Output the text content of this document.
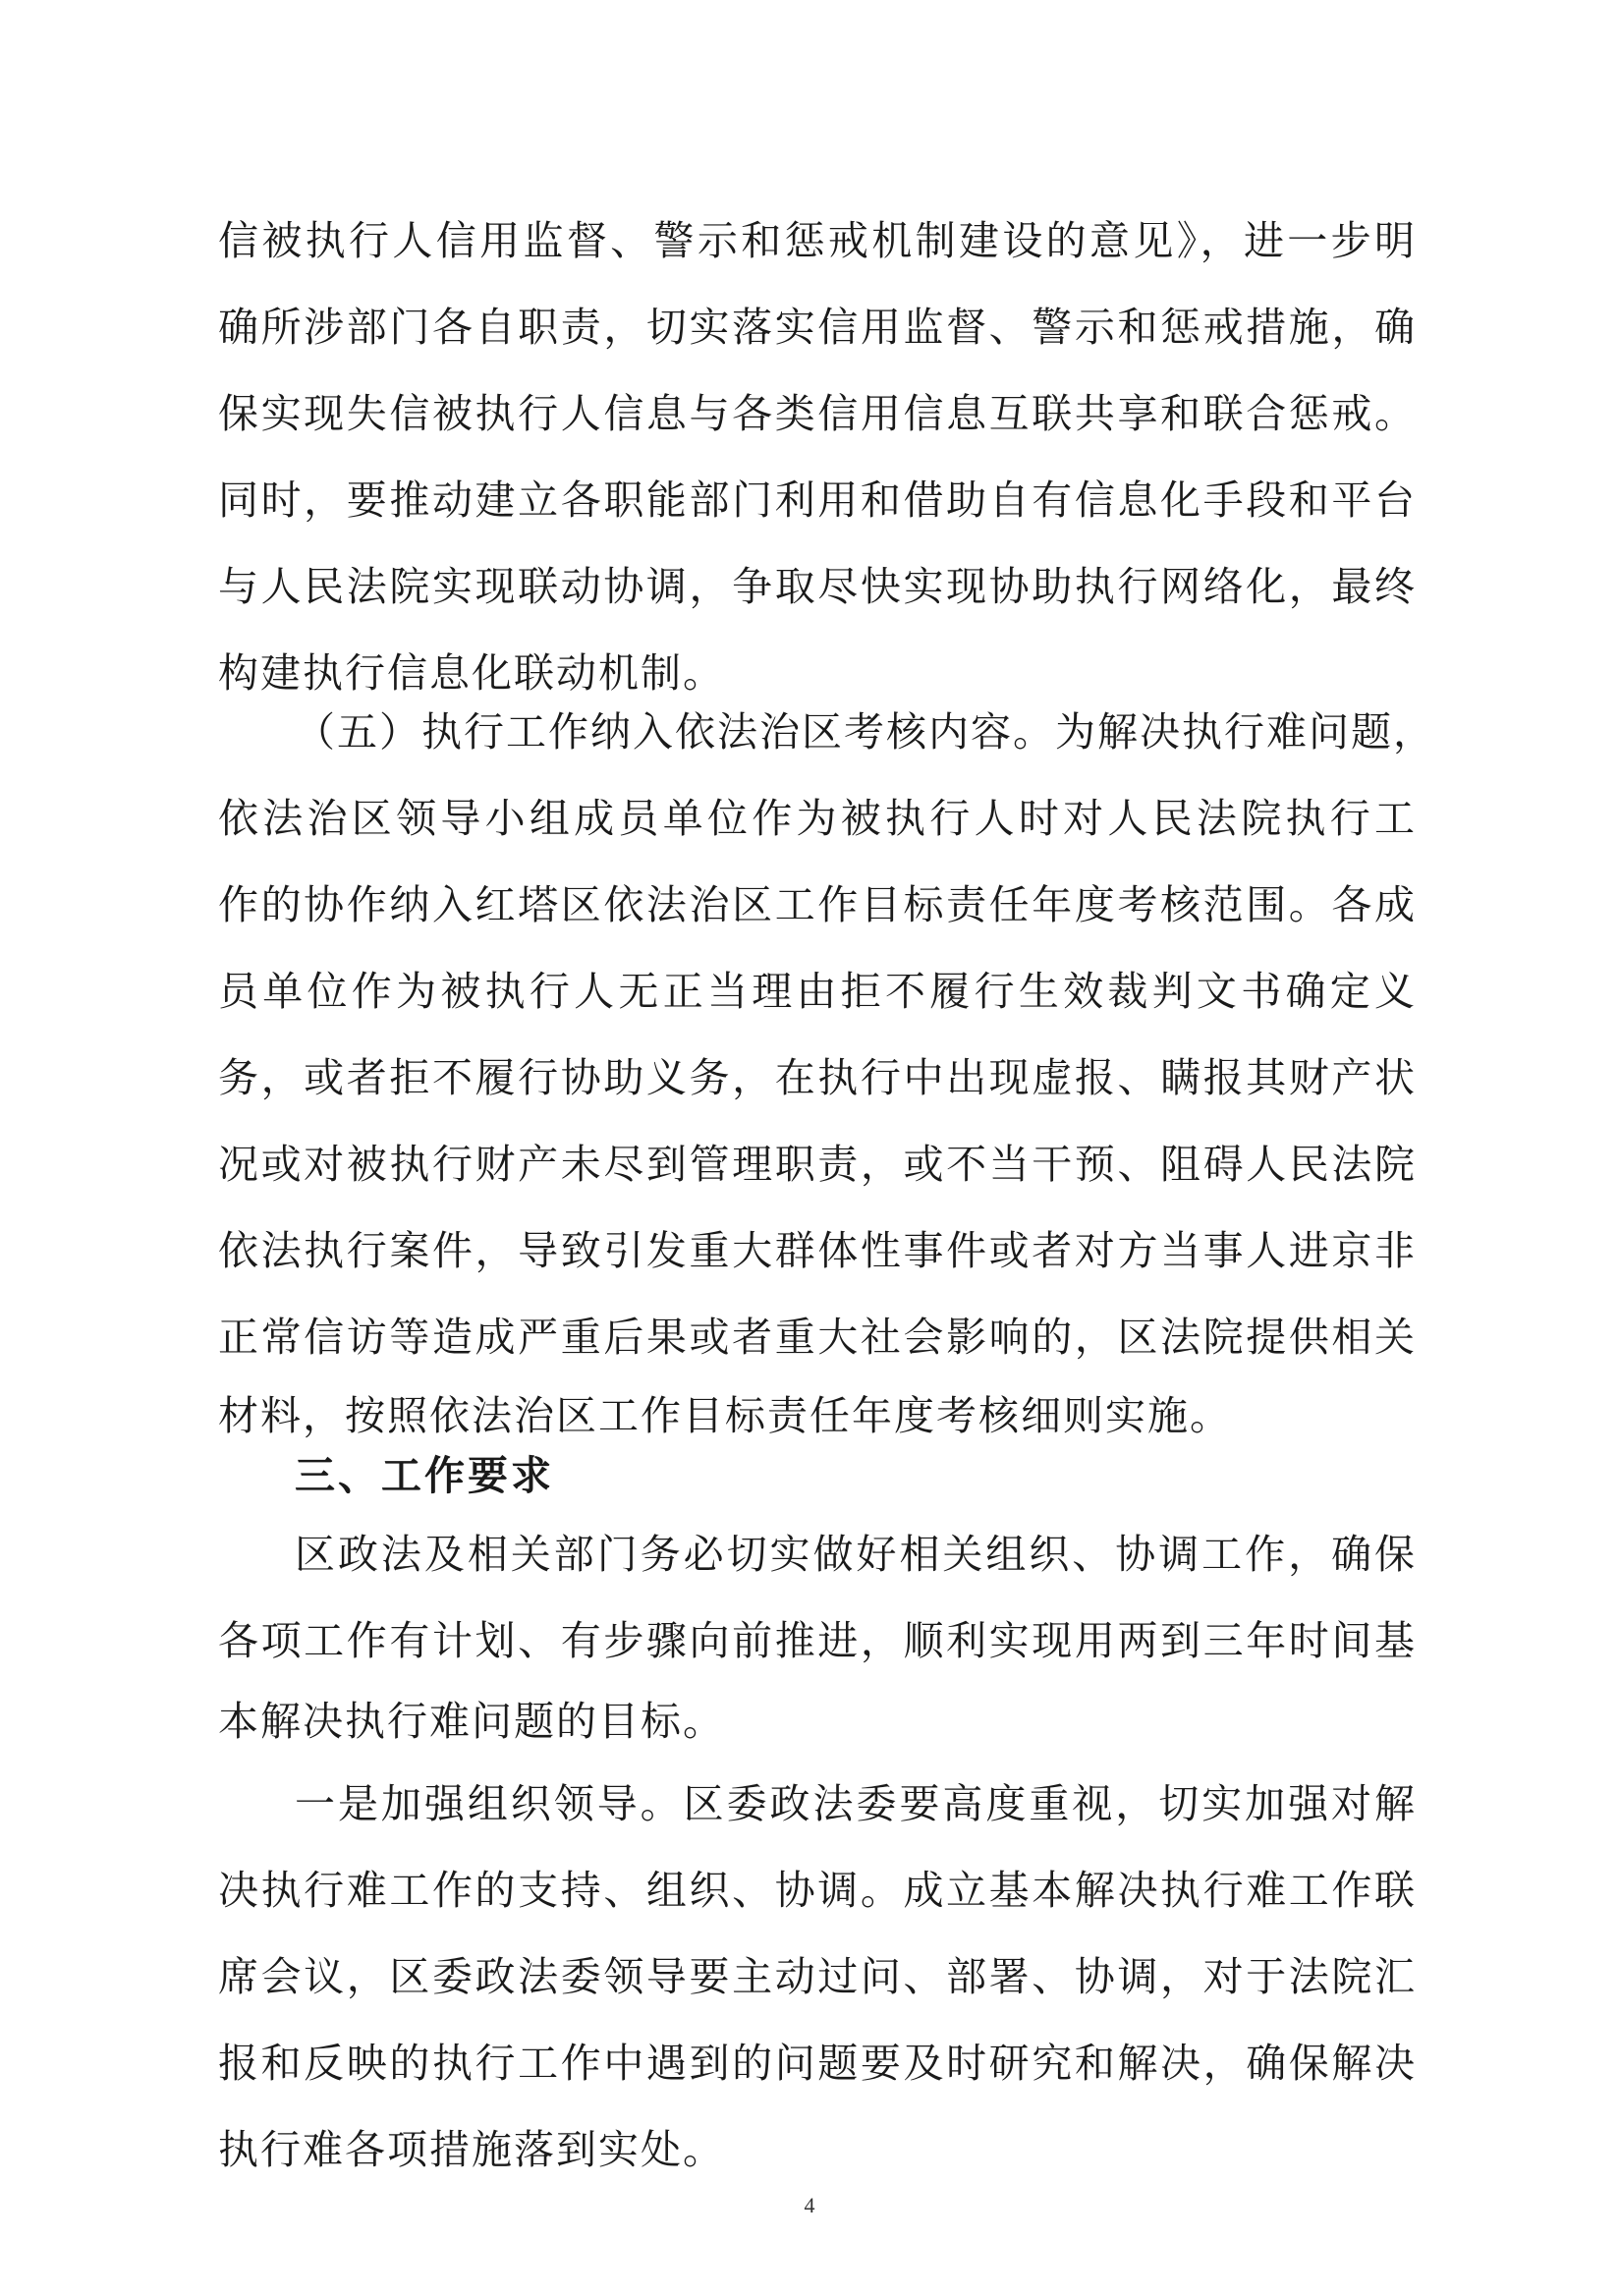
信被执行人信用监督、警示和惩戒机制建设的意见》，进一步明
确所涉部门各自职责，切实落实信用监督、警示和惩戒措施，确
保实现失信被执行人信息与各类信用信息互联共享和联合惩戒。
同时，要推动建立各职能部门利用和借助自有信息化手段和平台
与人民法院实现联动协调，争取尽快实现协助执行网络化，最终
构建执行信息化联动机制。
（五）执行工作纳入依法治区考核内容。为解决执行难问题，
依法治区领导小组成员单位作为被执行人时对人民法院执行工
作的协作纳入红塔区依法治区工作目标责任年度考核范围。各成
员单位作为被执行人无正当理由拒不履行生效裁判文书确定义
务，或者拒不履行协助义务，在执行中出现虚报、瞒报其财产状
况或对被执行财产未尽到管理职责，或不当干预、阻碍人民法院
依法执行案件，导致引发重大群体性事件或者对方当事人进京非
正常信访等造成严重后果或者重大社会影响的，区法院提供相关
材料，按照依法治区工作目标责任年度考核细则实施。
三、工作要求
区政法及相关部门务必切实做好相关组织、协调工作，确保
各项工作有计划、有步骤向前推进，顺利实现用两到三年时间基
本解决执行难问题的目标。
一是加强组织领导。区委政法委要高度重视，切实加强对解
决执行难工作的支持、组织、协调。成立基本解决执行难工作联
席会议，区委政法委领导要主动过问、部署、协调，对于法院汇
报和反映的执行工作中遇到的问题要及时研究和解决，确保解决
执行难各项措施落到实处。
4
